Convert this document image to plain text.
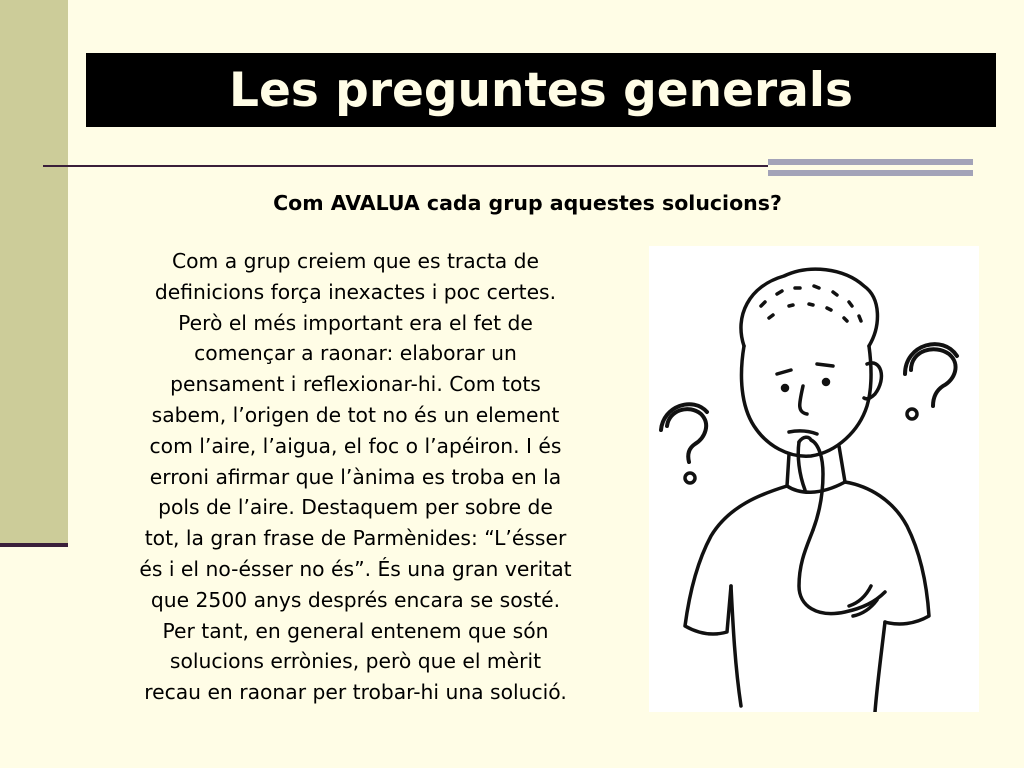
Les preguntes generals
Com AVALUA cada grup aquestes solucions?
Com a grup creiem que es tracta de
definicions força inexactes i poc certes.
Però el més important era el fet de
començar a raonar: elaborar un
pensament i reflexionar-hi. Com tots
sabem, l’origen de tot no és un element
com l’aire, l’aigua, el foc o l’apéiron. I és
erroni afirmar que l’ànima es troba en la
pols de l’aire. Destaquem per sobre de
tot, la gran frase de Parmènides: “L’ésser
és i el no-ésser no és”. És una gran veritat
que 2500 anys després encara se sosté.
Per tant, en general entenem que són
solucions errònies, però que el mèrit
recau en raonar per trobar-hi una solució.
